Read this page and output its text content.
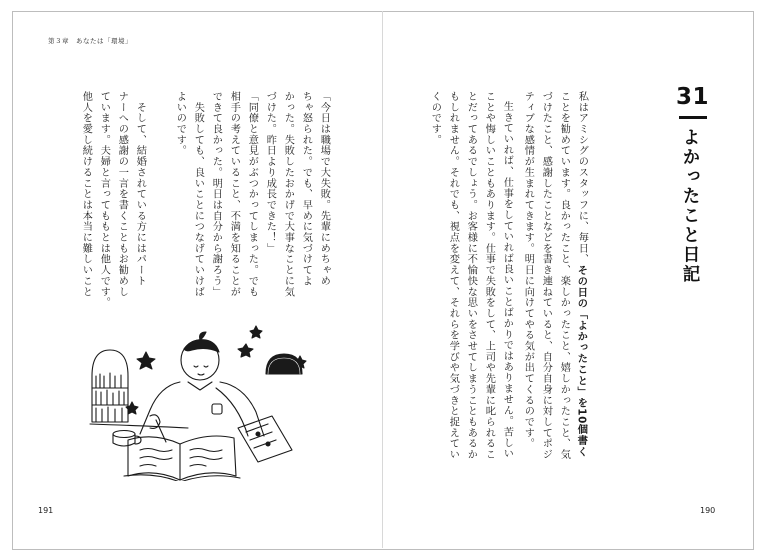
第３章　あなたは「環境」
31
よかったこと日記
私はアミシグのスタッフに、毎日、その日の「よかったこと」を10個書く
ことを勧めています。良かったこと、楽しかったこと、嬉しかったこと、気
づけたこと、感謝したことなどを書き連ねていると、自分自身に対してポジ
ティブな感情が生まれてきます。明日に向けてやる気が出てくるのです。
生きていれば、仕事をしていれば良いことばかりではありません。苦しい
ことや悔しいこともあります。仕事で失敗をして、上司や先輩に叱られるこ
とだってあるでしょう。お客様に不愉快な思いをさせてしまうこともあるか
もしれません。それでも、視点を変えて、それらを学びや気づきと捉えてい
くのです。
「今日は職場で大失敗。先輩にめちゃめ
ちゃ怒られた。でも、早めに気づけてよ
かった。失敗したおかげで大事なことに気
づけた。昨日より成長できた！」
「同僚と意見がぶつかってしまった。でも
相手の考えていること、不満を知ることが
できて良かった。明日は自分から謝ろう」
　失敗しても、良いことにつなげていけば
よいのです。
　そして、結婚されている方にはパート
ナーへの感謝の一言を書くこともお勧めし
ています。夫婦と言ってももとは他人です。
他人を愛し続けることは本当に難しいこと
191	190
